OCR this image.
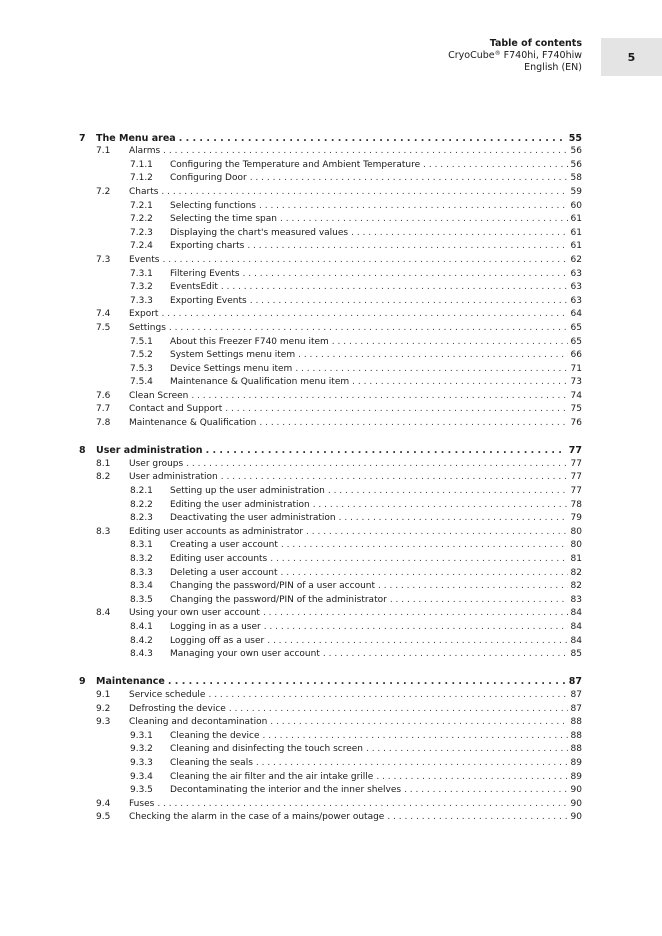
Table of contents
CryoCube® F740hi, F740hiw
English (EN)
5
7 The Menu area . . .	55
7.1 Alarms . . .	56
7.1.1 Configuring the Temperature and Ambient Temperature . . .	56
7.1.2 Configuring Door . . .	58
7.2 Charts . . .	59
7.2.1 Selecting functions . . .	60
7.2.2 Selecting the time span . . .	61
7.2.3 Displaying the chart's measured values . . .	61
7.2.4 Exporting charts . . .	61
7.3 Events . . .	62
7.3.1 Filtering Events . . .	63
7.3.2 EventsEdit . . .	63
7.3.3 Exporting Events . . .	63
7.4 Export . . .	64
7.5 Settings . . .	65
7.5.1 About this Freezer F740 menu item . . .	65
7.5.2 System Settings menu item . . .	66
7.5.3 Device Settings menu item . . .	71
7.5.4 Maintenance & Qualification menu item . . .	73
7.6 Clean Screen . . .	74
7.7 Contact and Support . . .	75
7.8 Maintenance & Qualification . . .	76
8 User administration . . .	77
8.1 User groups . . .	77
8.2 User administration . . .	77
8.2.1 Setting up the user administration . . .	77
8.2.2 Editing the user administration . . .	78
8.2.3 Deactivating the user administration . . .	79
8.3 Editing user accounts as administrator . . .	80
8.3.1 Creating a user account . . .	80
8.3.2 Editing user accounts . . .	81
8.3.3 Deleting a user account . . .	82
8.3.4 Changing the password/PIN of a user account . . .	82
8.3.5 Changing the password/PIN of the administrator . . .	83
8.4 Using your own user account . . .	84
8.4.1 Logging in as a user . . .	84
8.4.2 Logging off as a user . . .	84
8.4.3 Managing your own user account . . .	85
9 Maintenance . . .	87
9.1 Service schedule . . .	87
9.2 Defrosting the device . . .	87
9.3 Cleaning and decontamination . . .	88
9.3.1 Cleaning the device . . .	88
9.3.2 Cleaning and disinfecting the touch screen . . .	88
9.3.3 Cleaning the seals . . .	89
9.3.4 Cleaning the air filter and the air intake grille . . .	89
9.3.5 Decontaminating the interior and the inner shelves . . .	90
9.4 Fuses . . .	90
9.5 Checking the alarm in the case of a mains/power outage . . .	90
